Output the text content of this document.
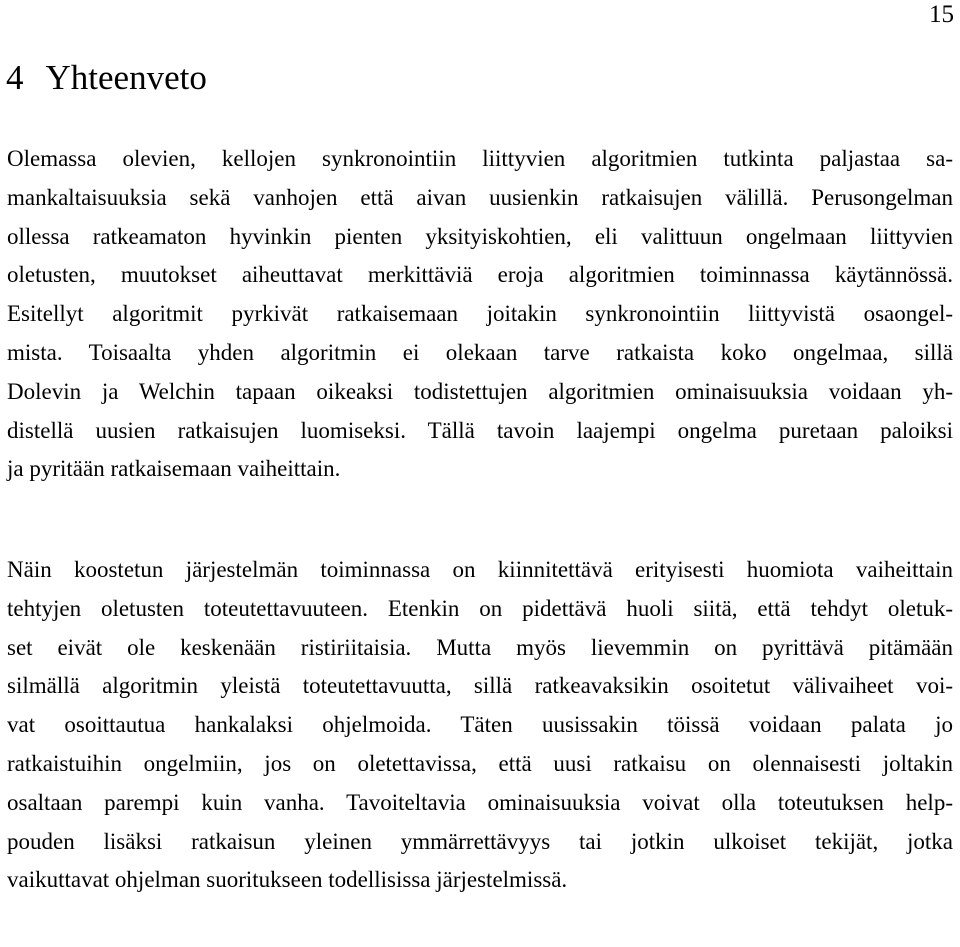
15
4 Yhteenveto

Olemassa olevien, kellojen synkronointiin liittyvien algoritmien tutkinta paljastaa sa-
mankaltaisuuksia sekä vanhojen että aivan uusienkin ratkaisujen välillä. Perusongelman
ollessa ratkeamaton hyvinkin pienten yksityiskohtien, eli valittuun ongelmaan liittyvien
oletusten, muutokset aiheuttavat merkittäviä eroja algoritmien toiminnassa käytännössä.
Esitellyt algoritmit pyrkivät ratkaisemaan joitakin synkronointiin liittyvistä osaongel-
mista. Toisaalta yhden algoritmin ei olekaan tarve ratkaista koko ongelmaa, sillä
Dolevin ja Welchin tapaan oikeaksi todistettujen algoritmien ominaisuuksia voidaan yh-
distellä uusien ratkaisujen luomiseksi. Tällä tavoin laajempi ongelma puretaan paloiksi
ja pyritään ratkaisemaan vaiheittain.

Näin koostetun järjestelmän toiminnassa on kiinnitettävä erityisesti huomiota vaiheittain
tehtyjen oletusten toteutettavuuteen. Etenkin on pidettävä huoli siitä, että tehdyt oletuk-
set eivät ole keskenään ristiriitaisia. Mutta myös lievemmin on pyrittävä pitämään
silmällä algoritmin yleistä toteutettavuutta, sillä ratkeavaksikin osoitetut välivaiheet voi-
vat osoittautua hankalaksi ohjelmoida. Täten uusissakin töissä voidaan palata jo
ratkaistuihin ongelmiin, jos on oletettavissa, että uusi ratkaisu on olennaisesti joltakin
osaltaan parempi kuin vanha. Tavoiteltavia ominaisuuksia voivat olla toteutuksen help-
pouden lisäksi ratkaisun yleinen ymmärrettävyys tai jotkin ulkoiset tekijät, jotka
vaikuttavat ohjelman suoritukseen todellisissa järjestelmissä.
